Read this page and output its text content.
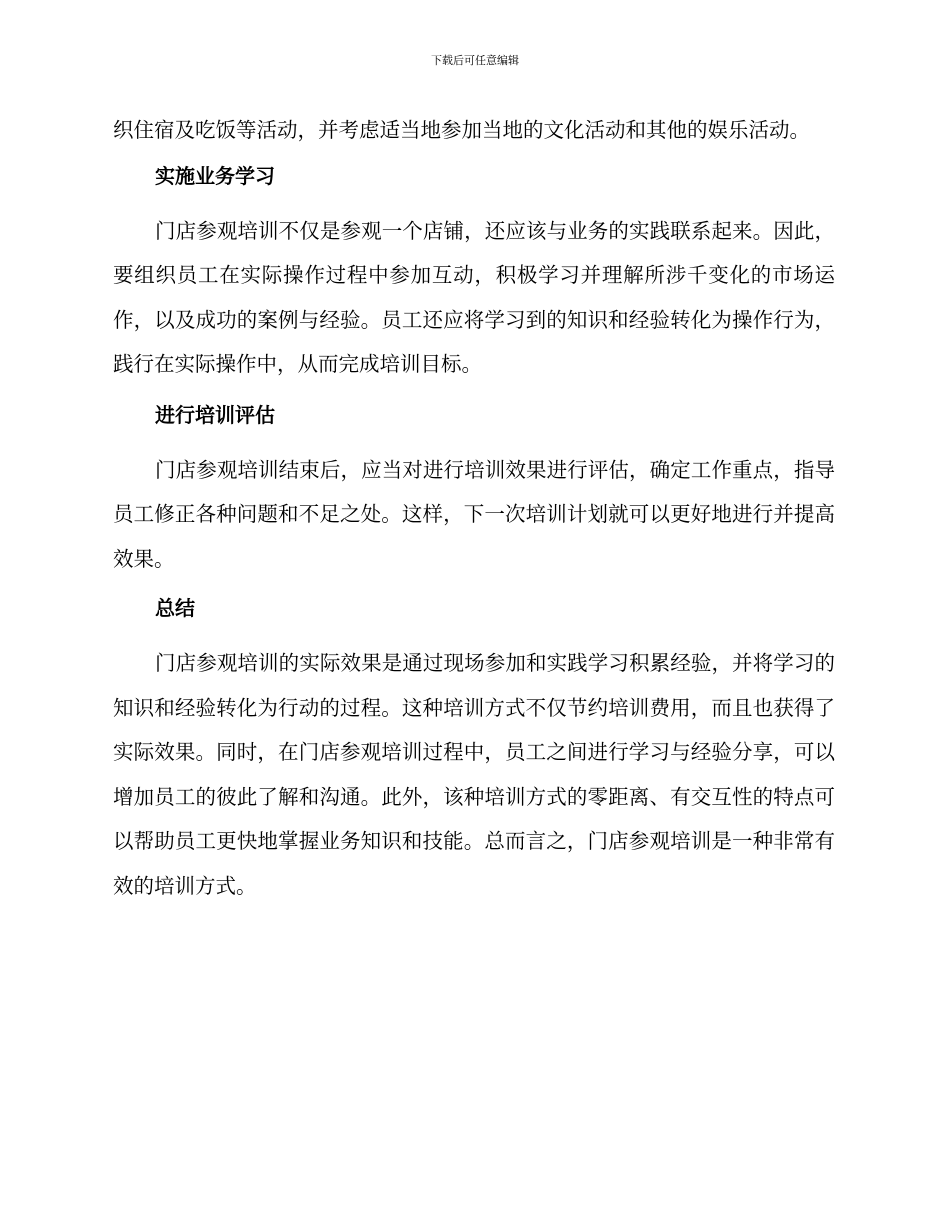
下载后可任意编辑

织住宿及吃饭等活动，并考虑适当地参加当地的文化活动和其他的娱乐活动。

实施业务学习

门店参观培训不仅是参观一个店铺，还应该与业务的实践联系起来。因此，要组织员工在实际操作过程中参加互动，积极学习并理解所涉千变化的市场运作，以及成功的案例与经验。员工还应将学习到的知识和经验转化为操作行为，践行在实际操作中，从而完成培训目标。

进行培训评估

门店参观培训结束后，应当对进行培训效果进行评估，确定工作重点，指导员工修正各种问题和不足之处。这样，下一次培训计划就可以更好地进行并提高效果。

总结

门店参观培训的实际效果是通过现场参加和实践学习积累经验，并将学习的知识和经验转化为行动的过程。这种培训方式不仅节约培训费用，而且也获得了实际效果。同时，在门店参观培训过程中，员工之间进行学习与经验分享，可以增加员工的彼此了解和沟通。此外，该种培训方式的零距离、有交互性的特点可以帮助员工更快地掌握业务知识和技能。总而言之，门店参观培训是一种非常有效的培训方式。
